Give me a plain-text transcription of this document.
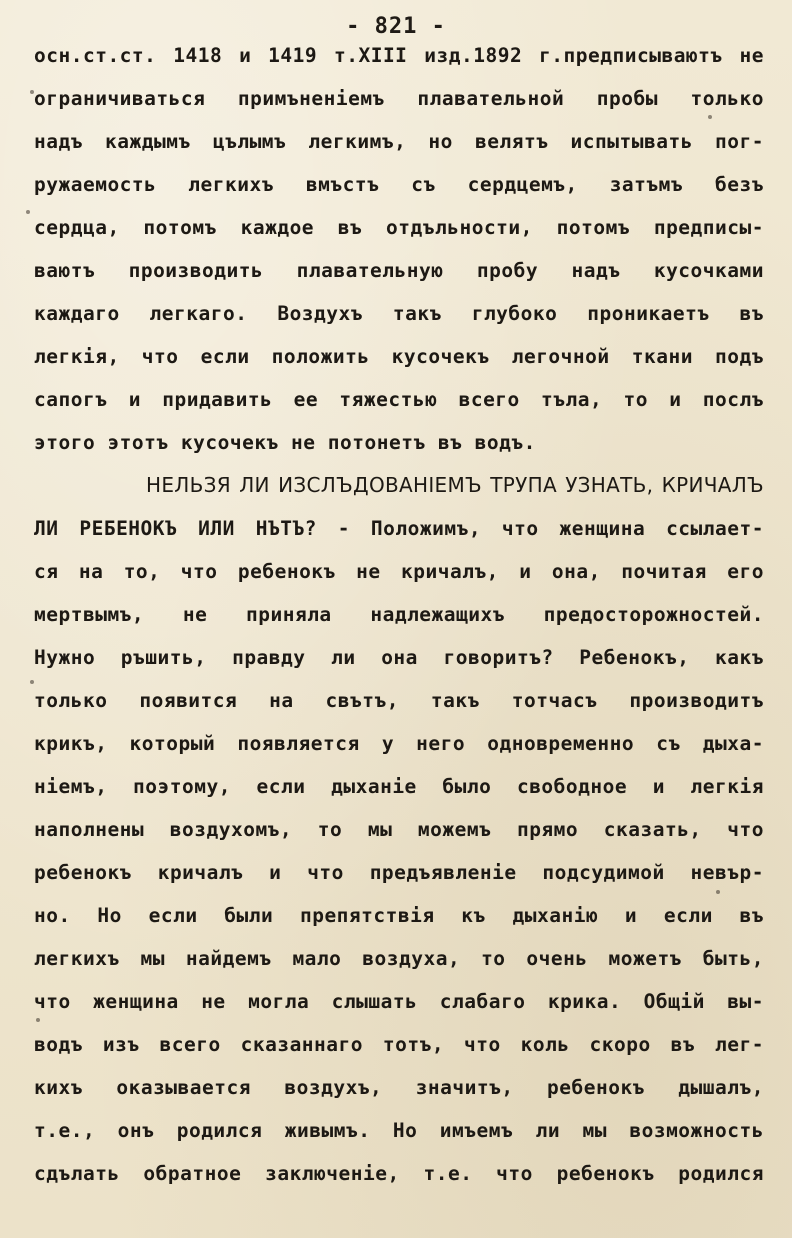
- 821 -
осн.ст.ст. 1418 и 1419 т.XIII изд.1892 г.предписываютъ не
ограничиваться примъненiемъ плавательной пробы только
надъ каждымъ цълымъ легкимъ, но велятъ испытывать пог-
ружаемость легкихъ вмъстъ съ сердцемъ, затъмъ безъ
сердца, потомъ каждое въ отдъльности, потомъ предписы-
ваютъ производить плавательную пробу надъ кусочками
каждаго легкаго. Воздухъ такъ глубоко проникаетъ въ
легкiя, что если положить кусочекъ легочной ткани подъ
сапогъ и придавить ее тяжестью всего тъла, то и послъ
этого этотъ кусочекъ не потонетъ въ водъ.
НЕЛЬЗЯ ЛИ ИЗСЛЪДОВАНIЕМЪ ТРУПА УЗНАТЬ, КРИЧАЛЪ
ЛИ РЕБЕНОКЪ ИЛИ НЪТЪ? - Положимъ, что женщина ссылает-
ся на то, что ребенокъ не кричалъ, и она, почитая его
мертвымъ, не приняла надлежащихъ предосторожностей.
Нужно ръшить, правду ли она говоритъ? Ребенокъ, какъ
только появится на свътъ, такъ тотчасъ производитъ
крикъ, который появляется у него одновременно съ дыха-
нiемъ, поэтому, если дыханiе было свободное и легкiя
наполнены воздухомъ, то мы можемъ прямо сказать, что
ребенокъ кричалъ и что предъявленiе подсудимой невър-
но. Но если были препятствiя къ дыханiю и если въ
легкихъ мы найдемъ мало воздуха, то очень можетъ быть,
что женщина не могла слышать слабаго крика. Общiй вы-
водъ изъ всего сказаннаго тотъ, что коль скоро въ лег-
кихъ оказывается воздухъ, значитъ, ребенокъ дышалъ,
т.е., онъ родился живымъ. Но имъемъ ли мы возможность
сдълать обратное заключенiе, т.е. что ребенокъ родился
